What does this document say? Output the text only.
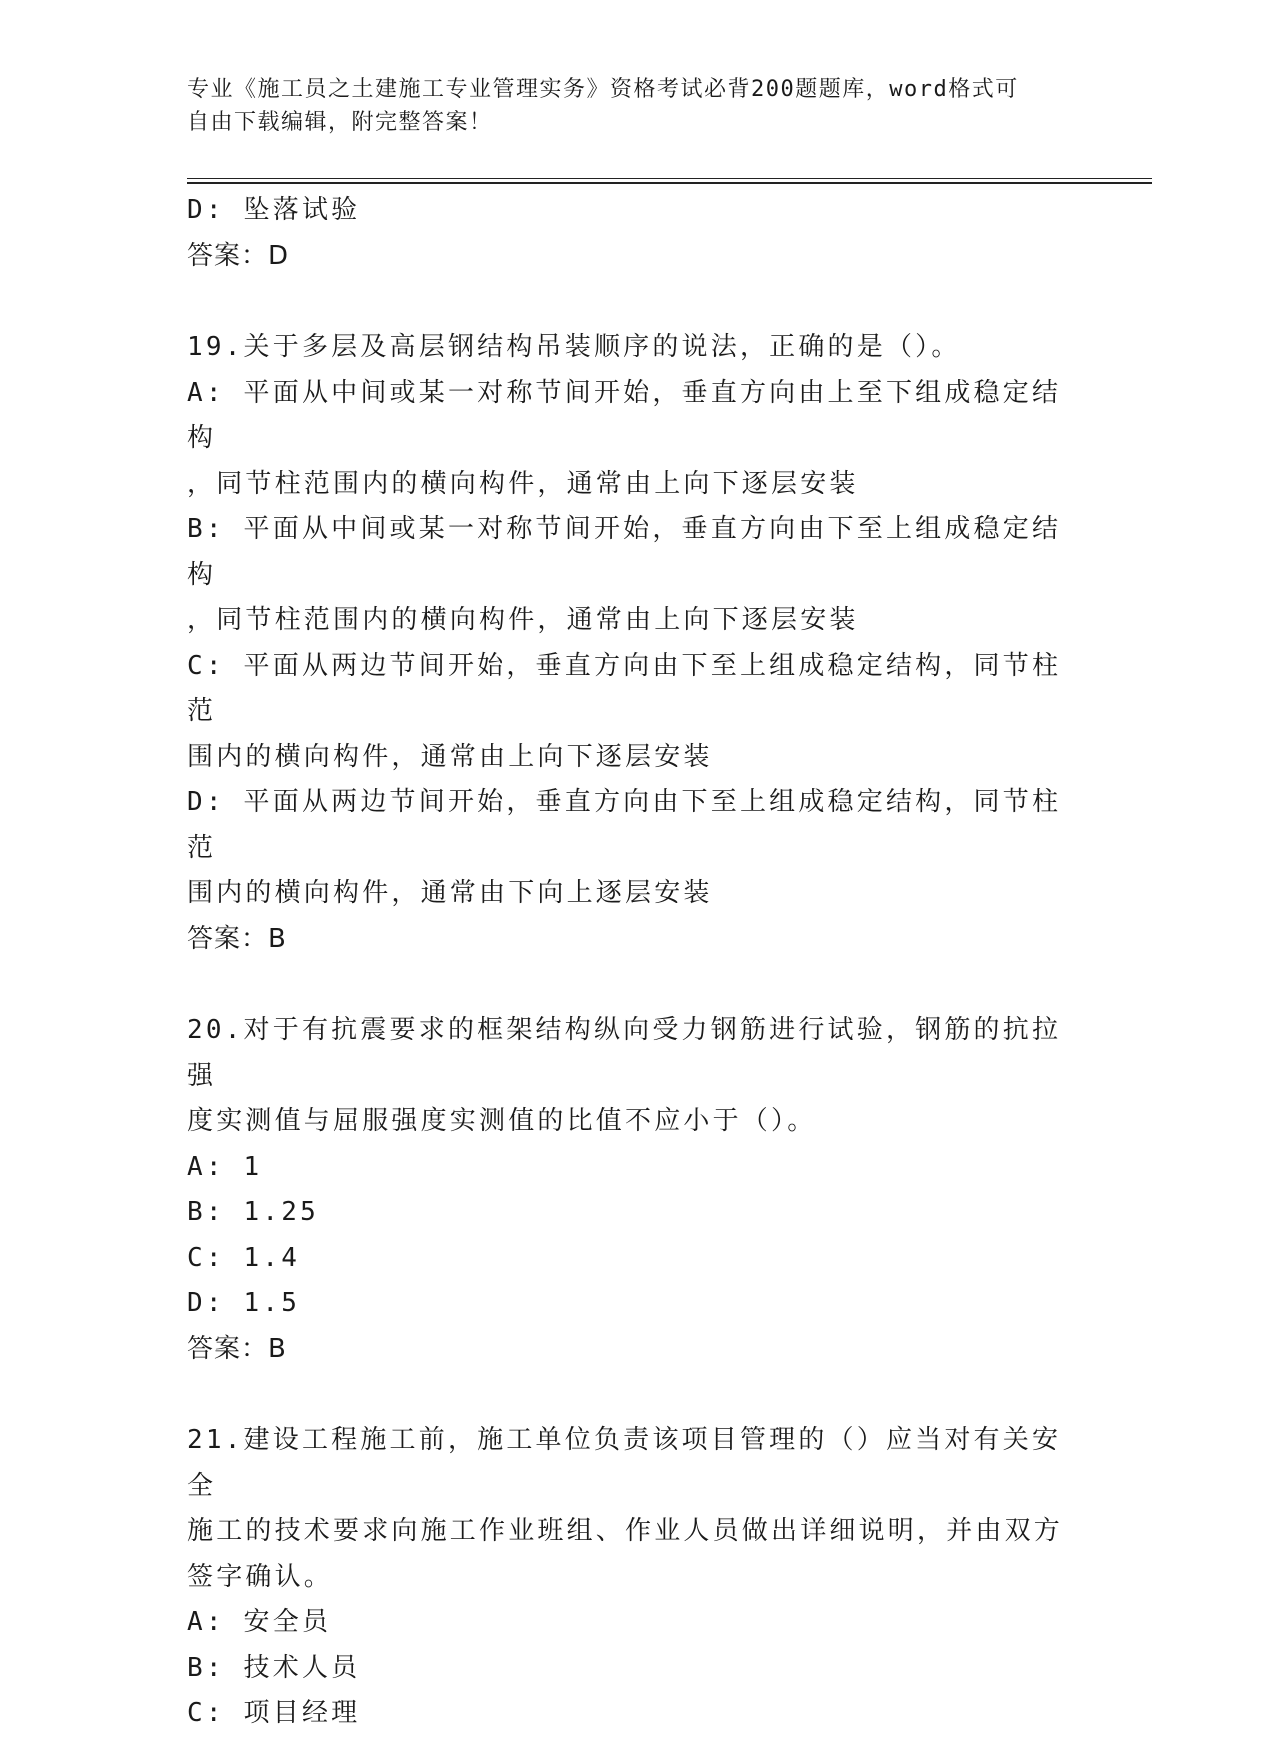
专业《施工员之土建施工专业管理实务》资格考试必背200题题库，word格式可
自由下载编辑，附完整答案！
D: 坠落试验
答案：D
19.关于多层及高层钢结构吊装顺序的说法，正确的是（）。
A: 平面从中间或某一对称节间开始，垂直方向由上至下组成稳定结构
，同节柱范围内的横向构件，通常由上向下逐层安装
B: 平面从中间或某一对称节间开始，垂直方向由下至上组成稳定结构
，同节柱范围内的横向构件，通常由上向下逐层安装
C: 平面从两边节间开始，垂直方向由下至上组成稳定结构，同节柱范
围内的横向构件，通常由上向下逐层安装
D: 平面从两边节间开始，垂直方向由下至上组成稳定结构，同节柱范
围内的横向构件，通常由下向上逐层安装
答案：B
20.对于有抗震要求的框架结构纵向受力钢筋进行试验，钢筋的抗拉强
度实测值与屈服强度实测值的比值不应小于（）。
A: 1
B: 1.25
C: 1.4
D: 1.5
答案：B
21.建设工程施工前，施工单位负责该项目管理的（）应当对有关安全
施工的技术要求向施工作业班组、作业人员做出详细说明，并由双方
签字确认。
A: 安全员
B: 技术人员
C: 项目经理
